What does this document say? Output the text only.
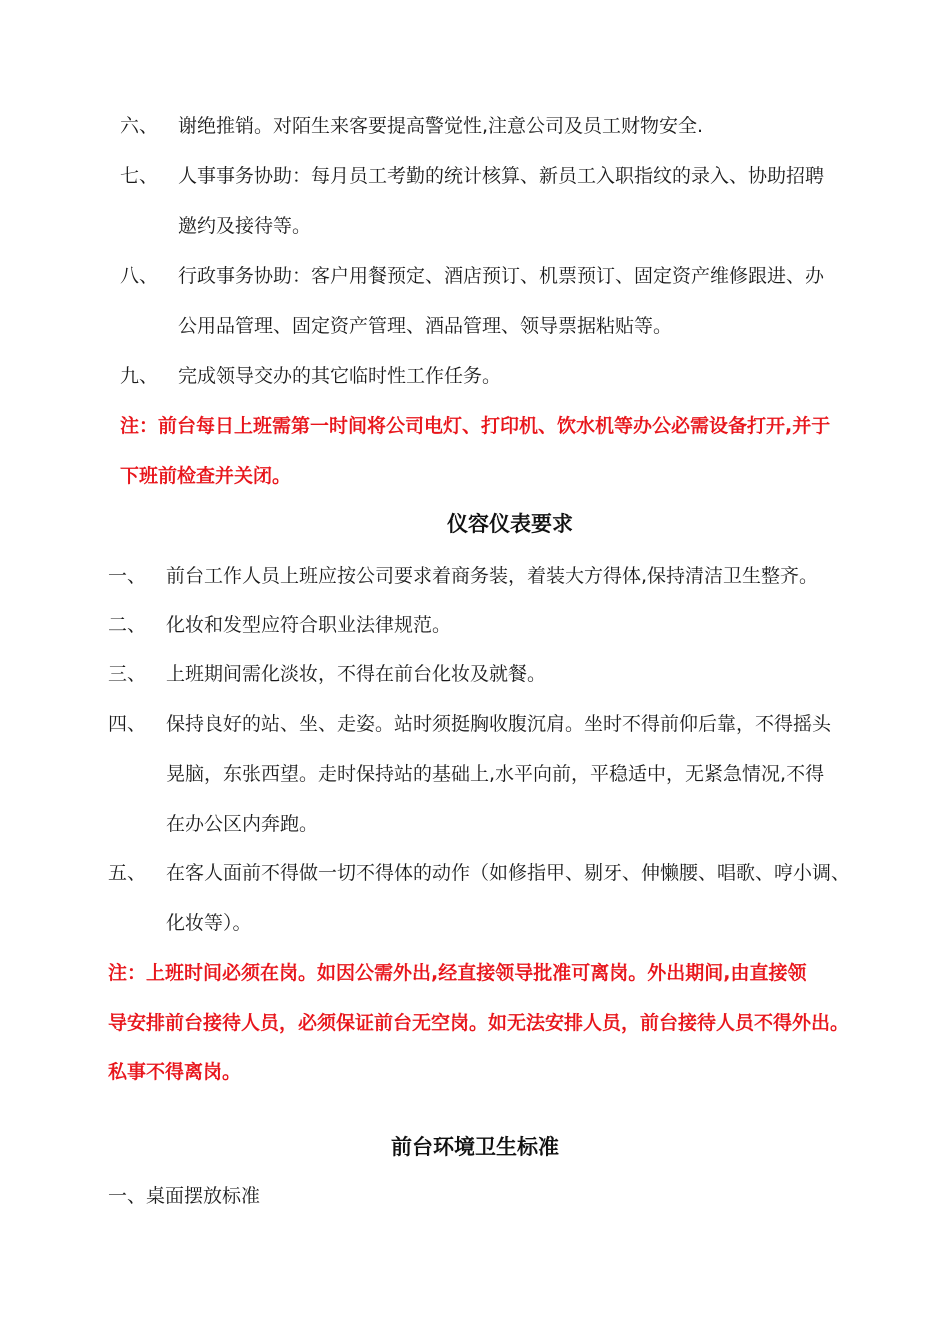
六、 谢绝推销。对陌生来客要提高警觉性,注意公司及员工财物安全.
七、 人事事务协助：每月员工考勤的统计核算、新员工入职指纹的录入、协助招聘
邀约及接待等。
八、 行政事务协助：客户用餐预定、酒店预订、机票预订、固定资产维修跟进、办
公用品管理、固定资产管理、酒品管理、领导票据粘贴等。
九、 完成领导交办的其它临时性工作任务。
注：前台每日上班需第一时间将公司电灯、打印机、饮水机等办公必需设备打开,并于
下班前检查并关闭。
仪容仪表要求
一、 前台工作人员上班应按公司要求着商务装，着装大方得体,保持清洁卫生整齐。
二、 化妆和发型应符合职业法律规范。
三、 上班期间需化淡妆，不得在前台化妆及就餐。
四、 保持良好的站、坐、走姿。站时须挺胸收腹沉肩。坐时不得前仰后靠，不得摇头
晃脑，东张西望。走时保持站的基础上,水平向前，平稳适中，无紧急情况,不得
在办公区内奔跑。
五、 在客人面前不得做一切不得体的动作（如修指甲、剔牙、伸懒腰、唱歌、哼小调、
化妆等）。
注：上班时间必须在岗。如因公需外出,经直接领导批准可离岗。外出期间,由直接领
导安排前台接待人员，必须保证前台无空岗。如无法安排人员，前台接待人员不得外出。
私事不得离岗。
前台环境卫生标准
一、桌面摆放标准
